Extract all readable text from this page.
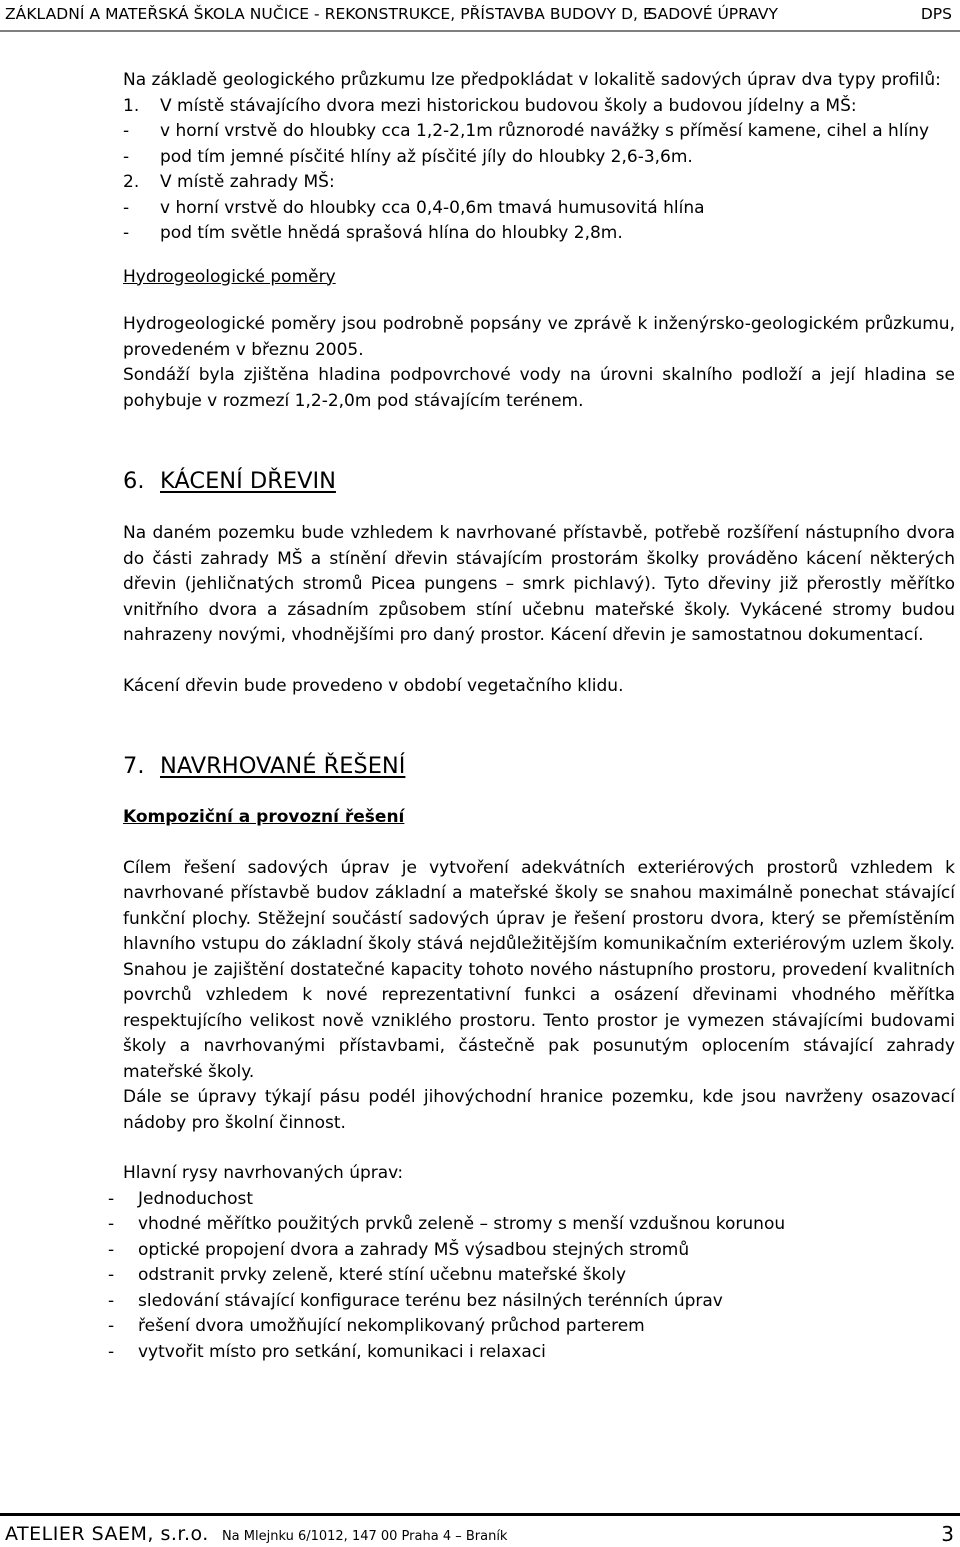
ZÁKLADNÍ A MATEŘSKÁ ŠKOLA NUČICE - REKONSTRUKCE, PŘÍSTAVBA BUDOVY D, E
SADOVÉ ÚPRAVY	DPS

Na základě geologického průzkumu lze předpokládat v lokalitě sadových úprav dva typy profilů:

1.	V místě stávajícího dvora mezi historickou budovou školy a budovou jídelny a MŠ:
-	v horní vrstvě do hloubky cca 1,2-2,1m různorodé navážky s příměsí kamene, cihel a hlíny
-	pod tím jemné písčité hlíny až písčité jíly do hloubky 2,6-3,6m.
2.	V místě zahrady MŠ:
-	v horní vrstvě do hloubky cca 0,4-0,6m tmavá humusovitá hlína
-	pod tím světle hnědá sprašová hlína do hloubky 2,8m.

Hydrogeologické poměry

Hydrogeologické poměry jsou podrobně popsány ve zprávě k inženýrsko-geologickém průzkumu, provedeném v březnu 2005.

Sondáží byla zjištěna hladina podpovrchové vody na úrovni skalního podloží a její hladina se pohybuje v rozmezí 1,2-2,0m pod stávajícím terénem.

6. KÁCENÍ DŘEVIN

Na daném pozemku bude vzhledem k navrhované přístavbě, potřebě rozšíření nástupního dvora do části zahrady MŠ a stínění dřevin stávajícím prostorám školky prováděno kácení některých dřevin (jehličnatých stromů Picea pungens – smrk pichlavý). Tyto dřeviny již přerostly měřítko vnitřního dvora a zásadním způsobem stíní učebnu mateřské školy. Vykácené stromy budou nahrazeny novými, vhodnějšími pro daný prostor. Kácení dřevin je samostatnou dokumentací.

Kácení dřevin bude provedeno v období vegetačního klidu.

7. NAVRHOVANÉ ŘEŠENÍ

Kompoziční a provozní řešení

Cílem řešení sadových úprav je vytvoření adekvátních exteriérových prostorů vzhledem k navrhované přístavbě budov základní a mateřské školy se snahou maximálně ponechat stávající funkční plochy. Stěžejní součástí sadových úprav je řešení prostoru dvora, který se přemístěním hlavního vstupu do základní školy stává nejdůležitějším komunikačním exteriérovým uzlem školy. Snahou je zajištění dostatečné kapacity tohoto nového nástupního prostoru, provedení kvalitních povrchů vzhledem k nové reprezentativní funkci a osázení dřevinami vhodného měřítka respektujícího velikost nově vzniklého prostoru. Tento prostor je vymezen stávajícími budovami školy a navrhovanými přístavbami, částečně pak posunutým oplocením stávající zahrady mateřské školy.

Dále se úpravy týkají pásu podél jihovýchodní hranice pozemku, kde jsou navrženy osazovací nádoby pro školní činnost.

Hlavní rysy navrhovaných úprav:

- Jednoduchost
- vhodné měřítko použitých prvků zeleně – stromy s menší vzdušnou korunou
- optické propojení dvora a zahrady MŠ výsadbou stejných stromů
- odstranit prvky zeleně, které stíní učebnu mateřské školy
- sledování stávající konfigurace terénu bez násilných terénních úprav
- řešení dvora umožňující nekomplikovaný průchod parterem
- vytvořit místo pro setkání, komunikaci i relaxaci
ATELIER SAEM, s.r.o. Na Mlejnku 6/1012, 147 00 Praha 4 – Braník	3
